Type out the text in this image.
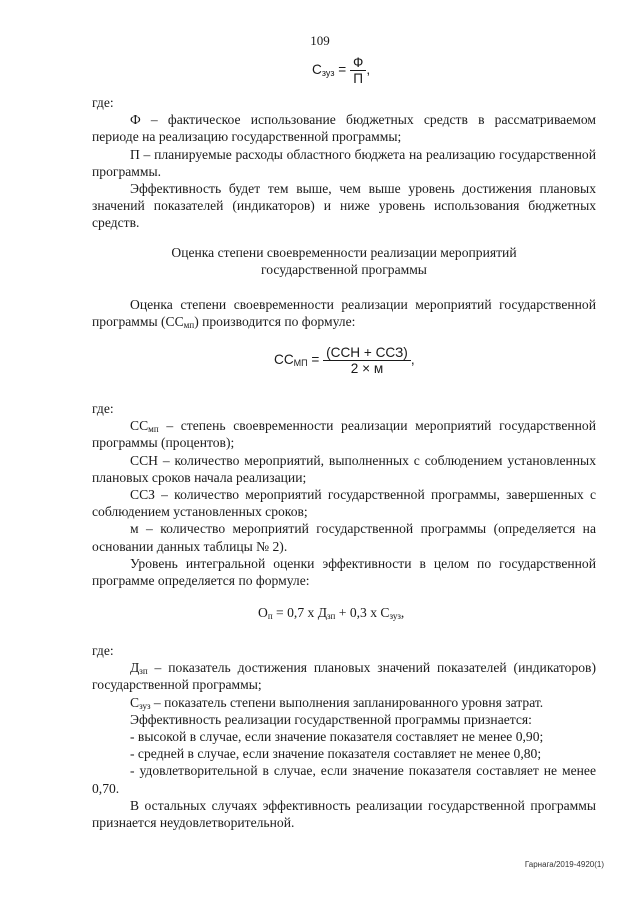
109
$С_{зуз} = \frac{Ф}{П}$ ,

где:

Ф – фактическое использование бюджетных средств в рассматриваемом периоде на реализацию государственной программы;

П – планируемые расходы областного бюджета на реализацию государственной программы.

Эффективность будет тем выше, чем выше уровень достижения плановых значений показателей (индикаторов) и ниже уровень использования бюджетных средств.

Оценка степени своевременности реализации мероприятий

государственной программы

Оценка степени своевременности реализации мероприятий государственной программы $(СС_{мп})$ производится по формуле:

$СС_{МП} = \frac{\text{(ССН + ССЗ)}}{2 \times м}$ ,

где:

$СС_{мп}$ – степень своевременности реализации мероприятий государственной программы (процентов);

ССН – количество мероприятий, выполненных с соблюдением установленных плановых сроков начала реализации;

ССЗ – количество мероприятий государственной программы, завершенных с соблюдением установленных сроков;

м – количество мероприятий государственной программы (определяется на основании данных таблицы № 2).

Уровень интегральной оценки эффективности в целом по государственной программе определяется по формуле:

$О_п = 0,7$ х $Д_{зп} + 0,3$ х $С_{зуз}$,

где:

$Д_{зп}$ – показатель достижения плановых значений показателей (индикаторов) государственной программы;

$С_{зуз}$ – показатель степени выполнения запланированного уровня затрат.

Эффективность реализации государственной программы признается:

- высокой в случае, если значение показателя составляет не менее 0,90;

- средней в случае, если значение показателя составляет не менее 0,80;

- удовлетворительной в случае, если значение показателя составляет не менее 0,70.

В остальных случаях эффективность реализации государственной программы признается неудовлетворительной.

Гарнага/2019-4920(1)
